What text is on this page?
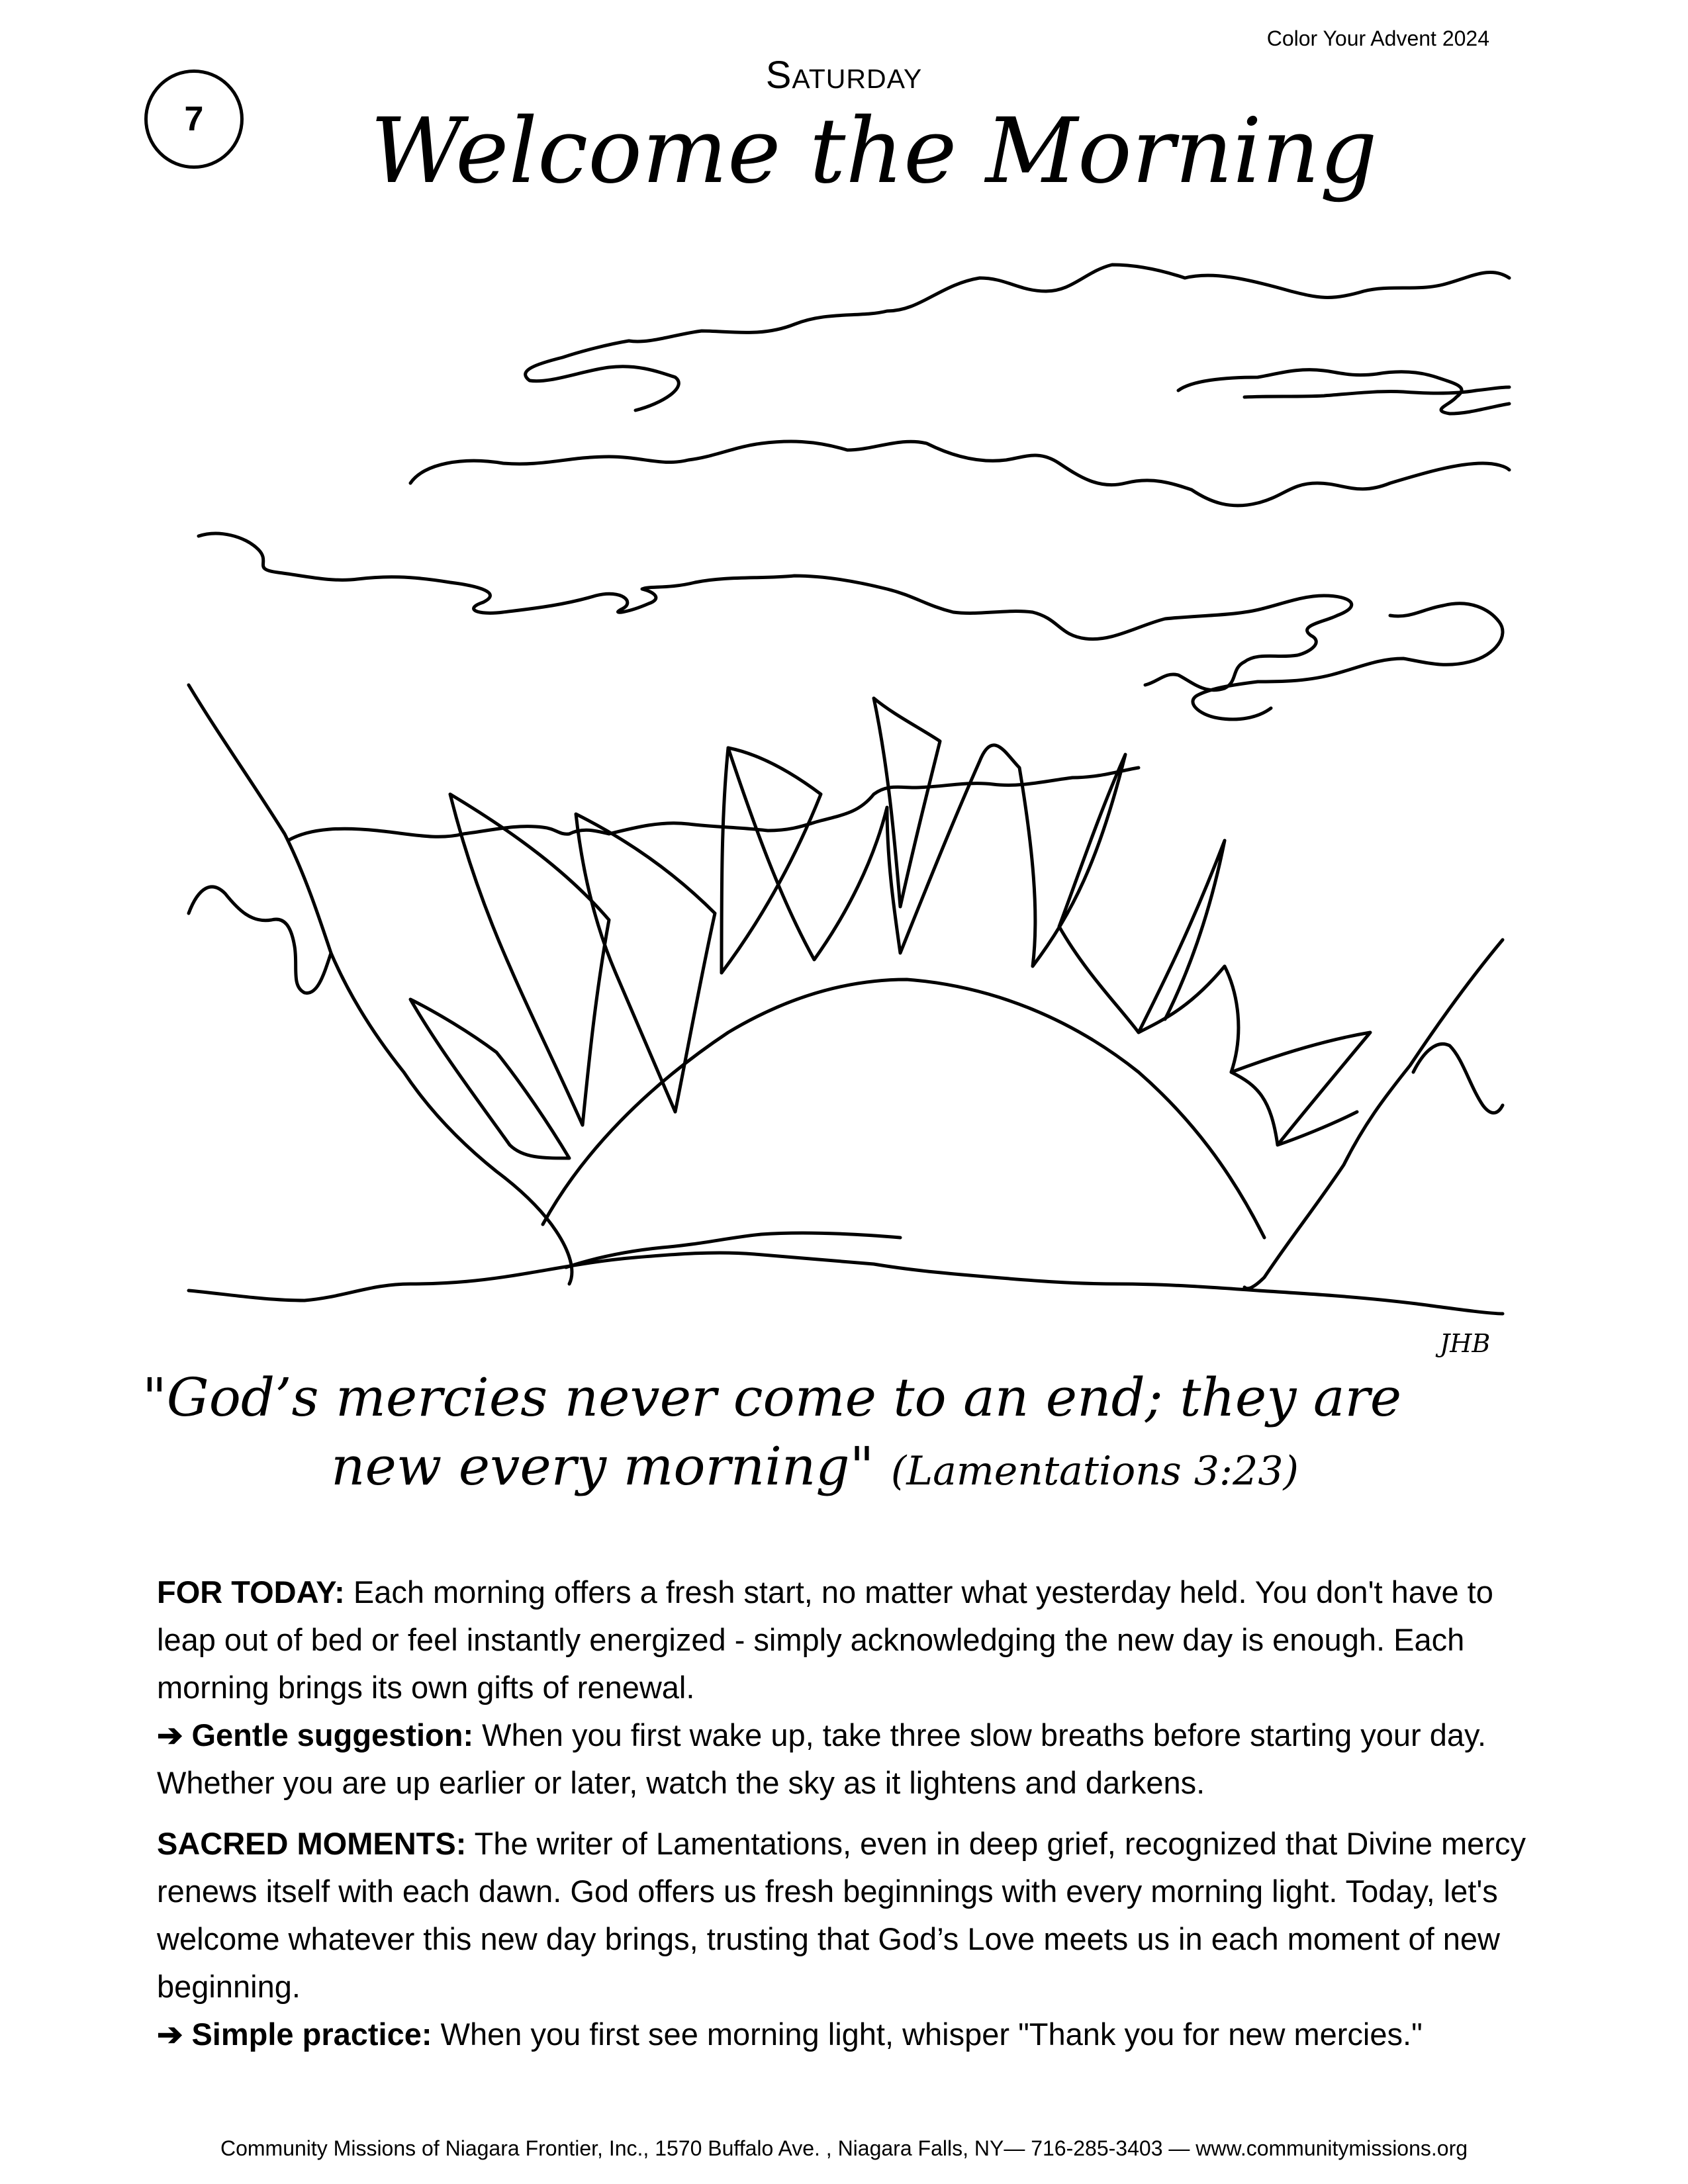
Color Your Advent 2024
7
Saturday
Welcome the Morning
JHB
"God’s mercies never come to an end; they are
new every morning" (Lamentations 3:23)

FOR TODAY: Each morning offers a fresh start, no matter what yesterday held. You don't have to leap out of bed or feel instantly energized - simply acknowledging the new day is enough. Each morning brings its own gifts of renewal.
➔ Gentle suggestion: When you first wake up, take three slow breaths before starting your day. Whether you are up earlier or later, watch the sky as it lightens and darkens.

SACRED MOMENTS: The writer of Lamentations, even in deep grief, recognized that Divine mercy renews itself with each dawn. God offers us fresh beginnings with every morning light. Today, let's welcome whatever this new day brings, trusting that God’s Love meets us in each moment of new beginning.
➔ Simple practice: When you first see morning light, whisper "Thank you for new mercies."

Community Missions of Niagara Frontier, Inc., 1570 Buffalo Ave. , Niagara Falls, NY— 716-285-3403 — www.communitymissions.org
